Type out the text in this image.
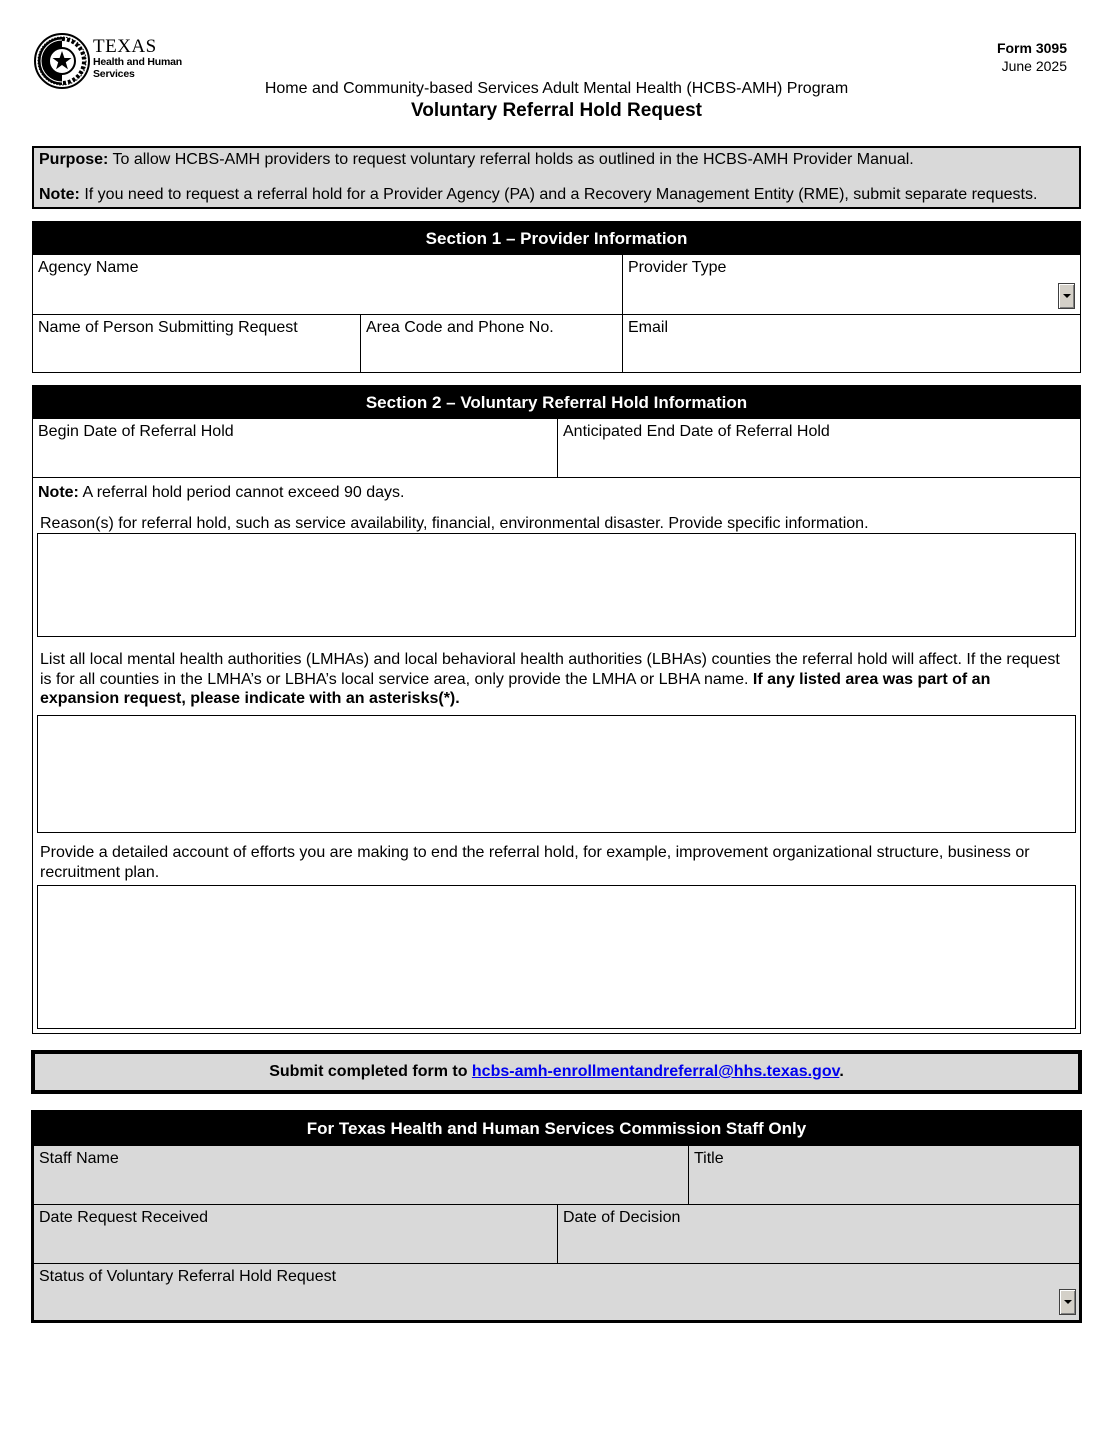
TEXAS
Health and Human
Services
Form 3095
June 2025
Home and Community-based Services Adult Mental Health (HCBS-AMH) Program
Voluntary Referral Hold Request

Purpose: To allow HCBS-AMH providers to request voluntary referral holds as outlined in the HCBS-AMH Provider Manual.

Note: If you need to request a referral hold for a Provider Agency (PA) and a Recovery Management Entity (RME), submit separate requests.

Section 1 – Provider Information
Agency Name	Provider Type
Name of Person Submitting Request	Area Code and Phone No.	Email
Section 2 – Voluntary Referral Hold Information
Begin Date of Referral Hold	Anticipated End Date of Referral Hold
Note: A referral hold period cannot exceed 90 days.
Reason(s) for referral hold, such as service availability, financial, environmental disaster. Provide specific information.
List all local mental health authorities (LMHAs) and local behavioral health authorities (LBHAs) counties the referral hold will affect. If the request is for all counties in the LMHA’s or LBHA’s local service area, only provide the LMHA or LBHA name. If any listed area was part of an expansion request, please indicate with an asterisks(*).
Provide a detailed account of efforts you are making to end the referral hold, for example, improvement organizational structure, business or recruitment plan.
Submit completed form to hcbs-amh-enrollmentandreferral@hhs.texas.gov.
For Texas Health and Human Services Commission Staff Only
Staff Name	Title
Date Request Received	Date of Decision
Status of Voluntary Referral Hold Request
